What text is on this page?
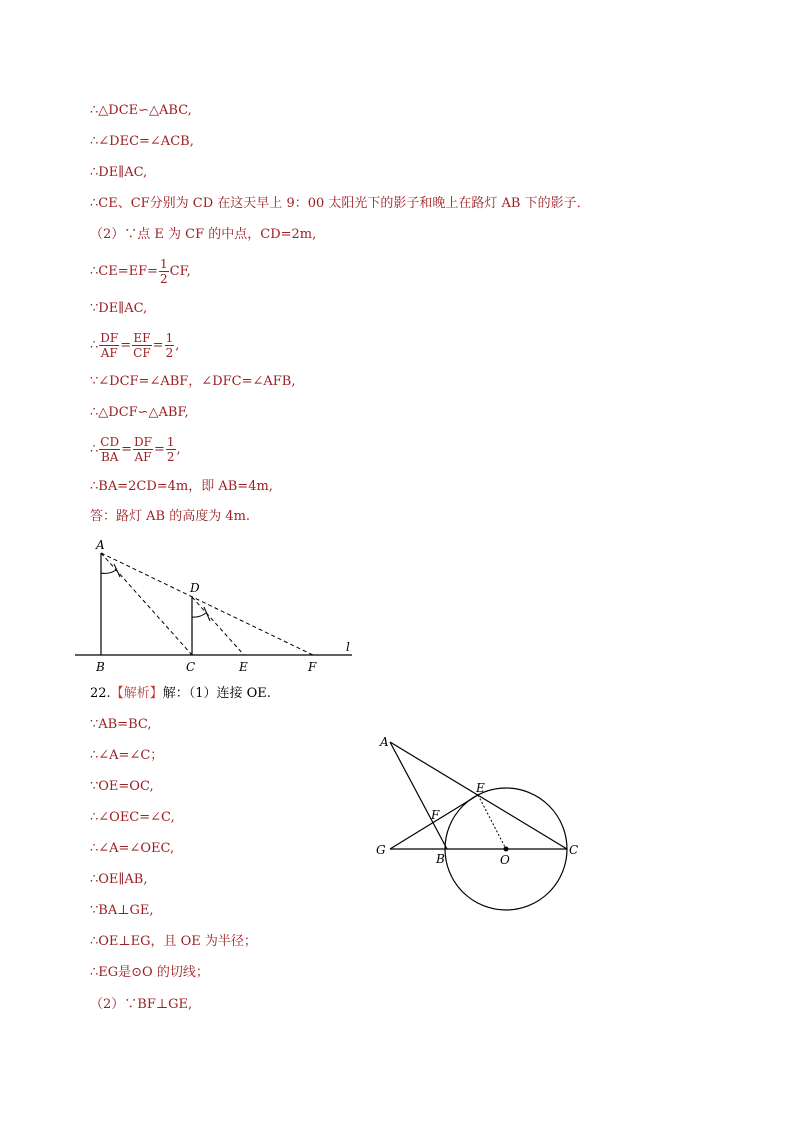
∴△DCE∽△ABC,
∴∠DEC=∠ACB,
∴DE∥AC,
∴CE、CF分别为 CD 在这天早上 9：00 太阳光下的影子和晚上在路灯 AB 下的影子．
（2）∵点 E 为 CF 的中点，CD=2m,
∴CE=EF= $\frac{1}{2}$ CF,
∵DE∥AC,
∴ $\frac{DF}{AF} = \frac{EF}{CF} = \frac{1}{2}$ ,
∵∠DCF=∠ABF，∠DFC=∠AFB,
∴△DCF∽△ABF,
∴ $\frac{CD}{BA} = \frac{DF}{AF} = \frac{1}{2}$ ,
∴BA=2CD=4m，即 AB=4m,
答：路灯 AB 的高度为 4m.
A
B	C
D
E	F
l
22.【解析】解：（1）连接 OE.
∵AB=BC,
∴∠A=∠C；
∵OE=OC,
∴∠OEC=∠C,
∴∠A=∠OEC,
∴OE∥AB,
∵BA⊥GE,
∴OE⊥EG，且 OE 为半径；
∴EG是⊙O 的切线；
（2）∵BF⊥GE,
A
B
C
E
F
G
O
